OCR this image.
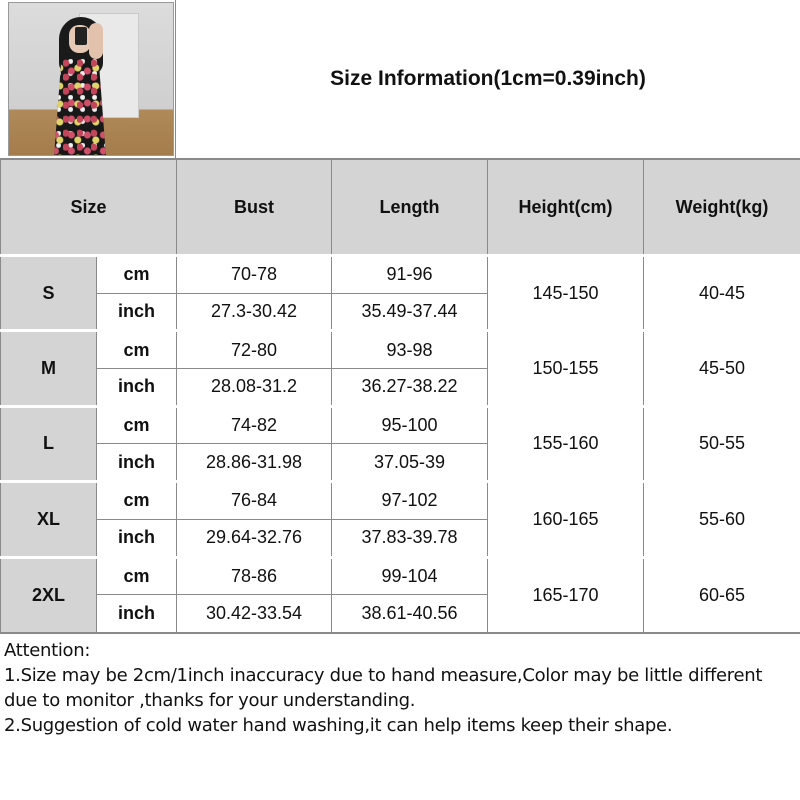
Size Information(1cm=0.39inch)
Size		Bust	Length	Height(cm)	Weight(kg)
S	cm	70-78	91-96	145-150	40-45
	inch	27.3-30.42	35.49-37.44		
M	cm	72-80	93-98	150-155	45-50
	inch	28.08-31.2	36.27-38.22		
L	cm	74-82	95-100	155-160	50-55
	inch	28.86-31.98	37.05-39		
XL	cm	76-84	97-102	160-165	55-60
	inch	29.64-32.76	37.83-39.78		
2XL	cm	78-86	99-104	165-170	60-65
	inch	30.42-33.54	38.61-40.56		

Attention:

1.Size may be 2cm/1inch inaccuracy due to hand measure,Color may be little different due to monitor ,thanks for your understanding.

2.Suggestion of cold water hand washing,it can help items keep their shape.
